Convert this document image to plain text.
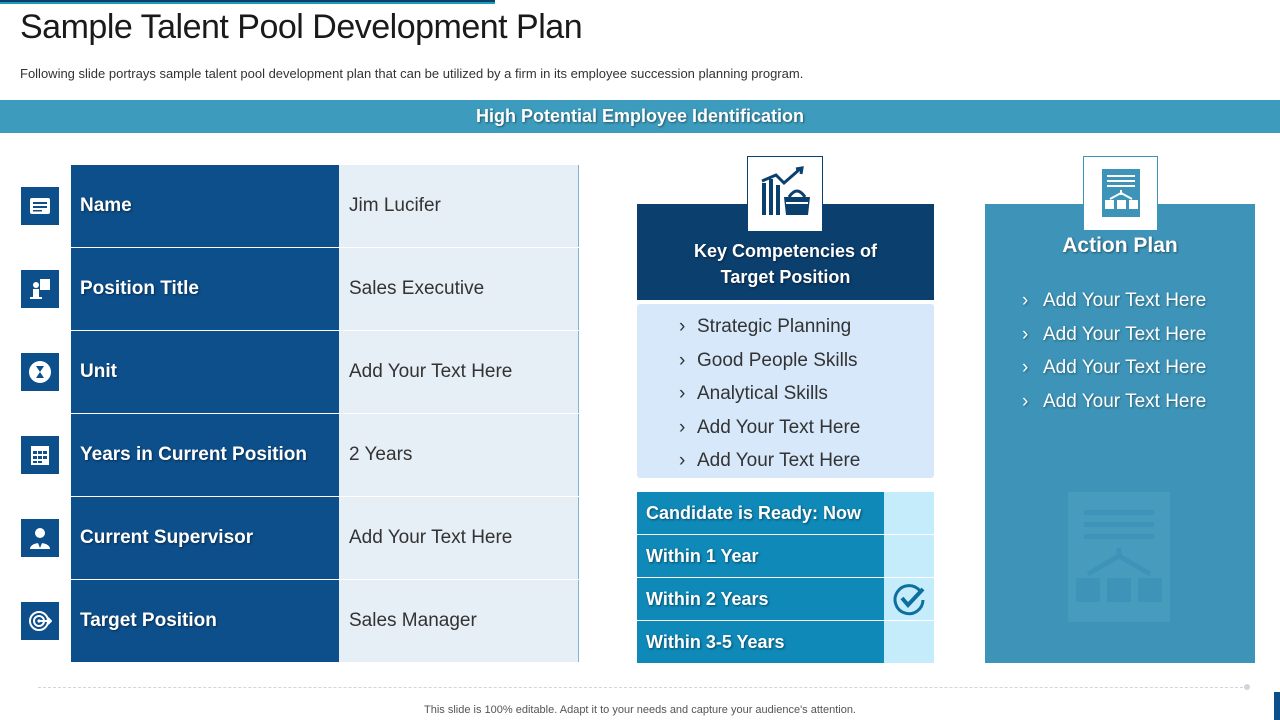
Sample Talent Pool Development Plan
Following slide portrays sample talent pool development plan that can be utilized by a firm in its employee succession planning program.
High Potential Employee Identification
Name	Jim Lucifer
Position Title	Sales Executive
Unit	Add Your Text Here
Years in Current Position	2 Years
Current Supervisor	Add Your Text Here
Target Position	Sales Manager
Key Competencies of
Target Position
› Strategic Planning
› Good People Skills
› Analytical Skills
› Add Your Text Here
› Add Your Text Here
Candidate is Ready: Now
Within 1 Year
Within 2 Years
Within 3-5 Years
Action Plan
› Add Your Text Here
› Add Your Text Here
› Add Your Text Here
› Add Your Text Here
This slide is 100% editable. Adapt it to your needs and capture your audience's attention.
